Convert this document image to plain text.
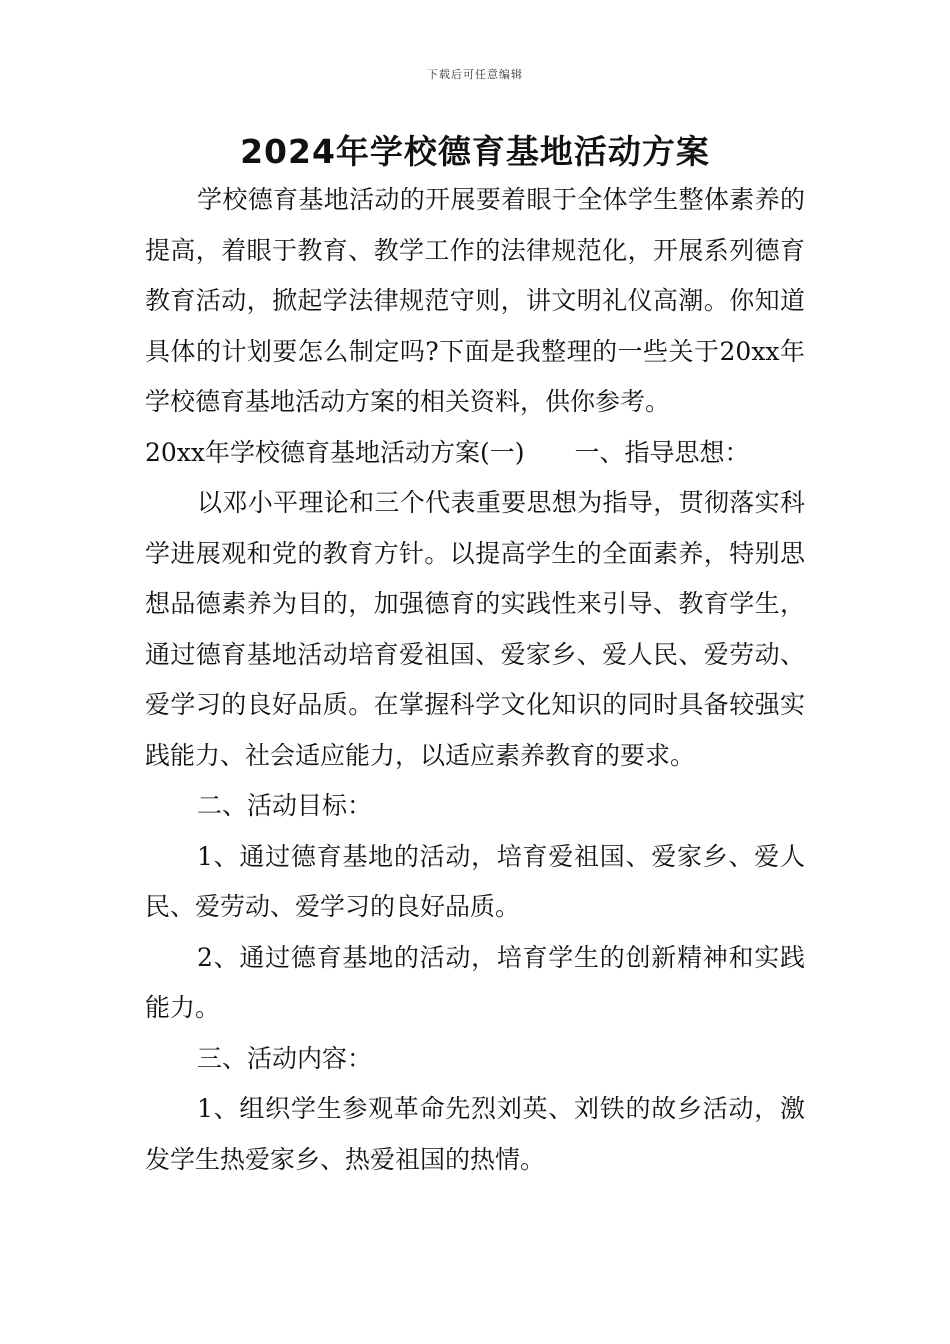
下载后可任意编辑
2024年学校德育基地活动方案

学校德育基地活动的开展要着眼于全体学生整体素养的提高，着眼于教育、教学工作的法律规范化，开展系列德育教育活动，掀起学法律规范守则，讲文明礼仪高潮。你知道具体的计划要怎么制定吗?下面是我整理的一些关于20xx年学校德育基地活动方案的相关资料，供你参考。

20xx年学校德育基地活动方案(一) 一、指导思想：

以邓小平理论和三个代表重要思想为指导，贯彻落实科学进展观和党的教育方针。以提高学生的全面素养，特别思想品德素养为目的，加强德育的实践性来引导、教育学生，通过德育基地活动培育爱祖国、爱家乡、爱人民、爱劳动、爱学习的良好品质。在掌握科学文化知识的同时具备较强实践能力、社会适应能力，以适应素养教育的要求。

二、活动目标：

1、通过德育基地的活动，培育爱祖国、爱家乡、爱人民、爱劳动、爱学习的良好品质。

2、通过德育基地的活动，培育学生的创新精神和实践能力。

三、活动内容：

1、组织学生参观革命先烈刘英、刘铁的故乡活动，激发学生热爱家乡、热爱祖国的热情。
